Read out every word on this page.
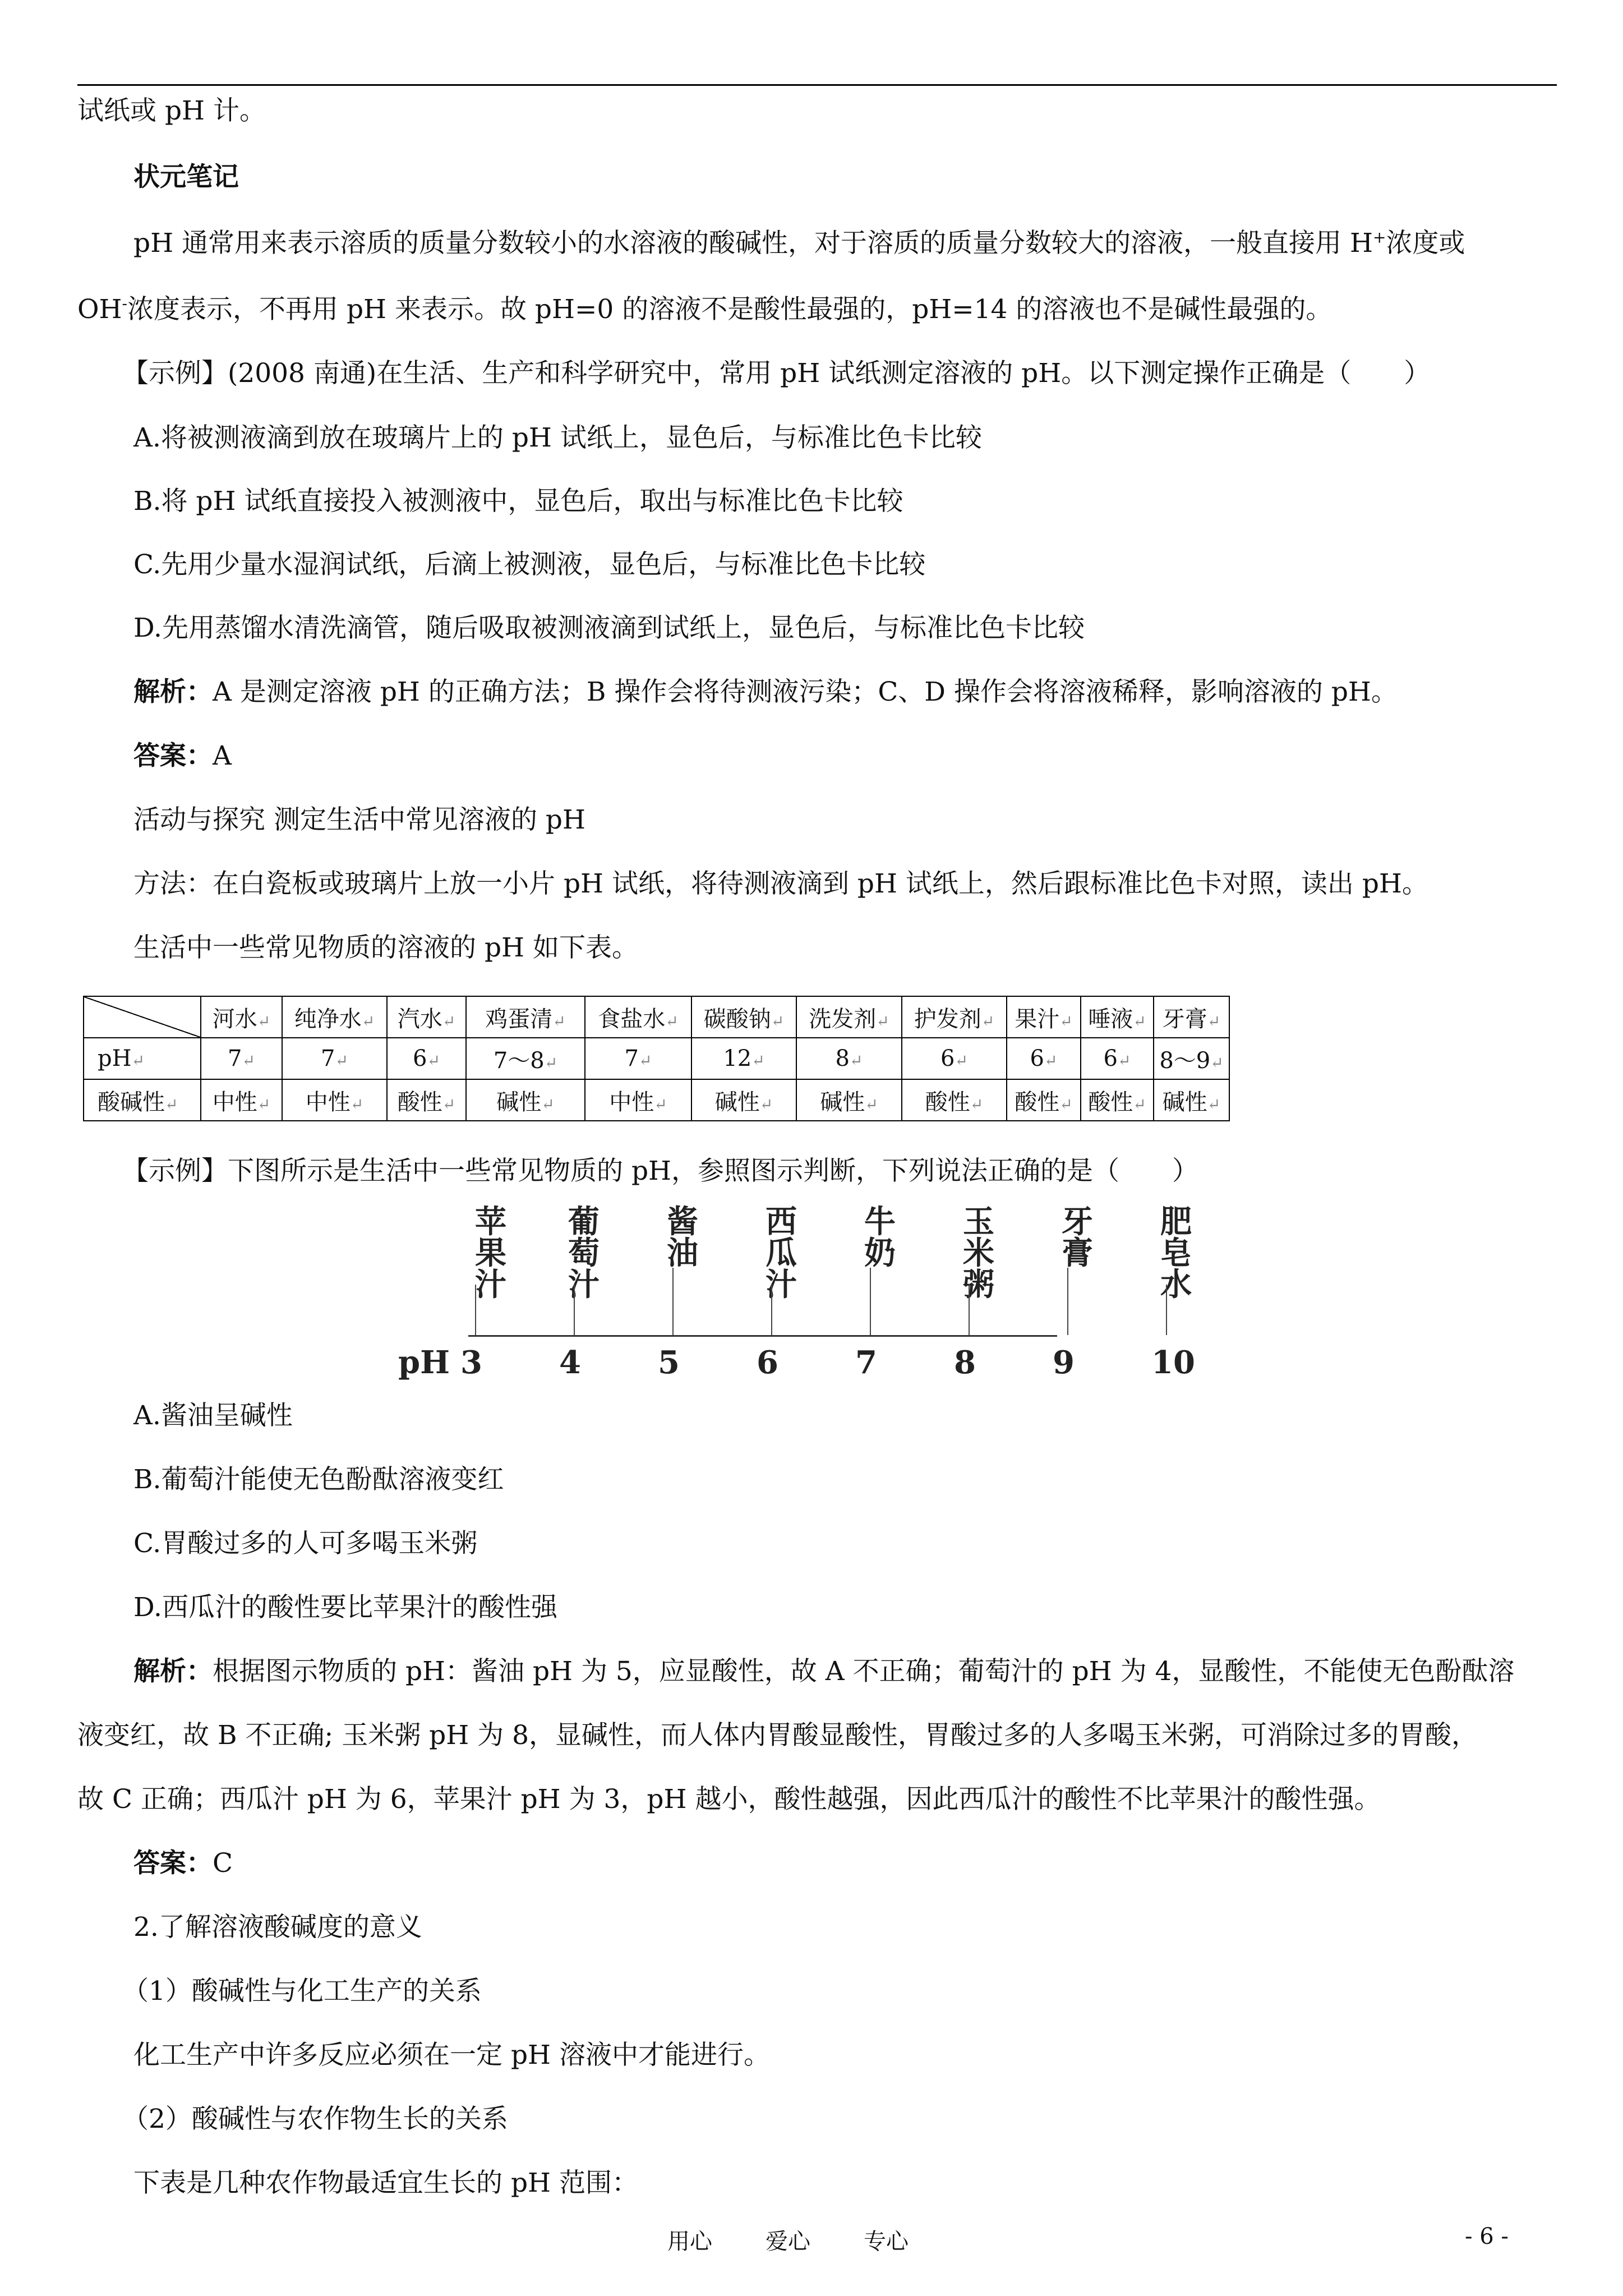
试纸或 pH 计。
状元笔记
pH 通常用来表示溶质的质量分数较小的水溶液的酸碱性，对于溶质的质量分数较大的溶液，一般直接用 H+浓度或
OH-浓度表示，不再用 pH 来表示。故 pH=0 的溶液不是酸性最强的，pH=14 的溶液也不是碱性最强的。
【示例】(2008 南通)在生活、生产和科学研究中，常用 pH 试纸测定溶液的 pH。以下测定操作正确是（　　）
A.将被测液滴到放在玻璃片上的 pH 试纸上，显色后，与标准比色卡比较
B.将 pH 试纸直接投入被测液中，显色后，取出与标准比色卡比较
C.先用少量水湿润试纸，后滴上被测液，显色后，与标准比色卡比较
D.先用蒸馏水清洗滴管，随后吸取被测液滴到试纸上，显色后，与标准比色卡比较
解析：A 是测定溶液 pH 的正确方法；B 操作会将待测液污染；C、D 操作会将溶液稀释，影响溶液的 pH。
答案：A
活动与探究 测定生活中常见溶液的 pH
方法：在白瓷板或玻璃片上放一小片 pH 试纸，将待测液滴到 pH 试纸上，然后跟标准比色卡对照，读出 pH。
生活中一些常见物质的溶液的 pH 如下表。
	河水↵	纯净水↵	汽水↵	鸡蛋清↵	食盐水↵	碳酸钠↵	洗发剂↵	护发剂↵	果汁↵	唾液↵	牙膏↵
pH↵	7↵	7↵	6↵	7～8↵	7↵	12↵	8↵	6↵	6↵	6↵	8～9↵
酸碱性↵	中性↵	中性↵	酸性↵	碱性↵	中性↵	碱性↵	碱性↵	酸性↵	酸性↵	酸性↵	碱性↵
【示例】下图所示是生活中一些常见物质的 pH，参照图示判断，下列说法正确的是（　　）
pH 3 4 5 6 7 8 9 10
苹
果
汁
葡
萄
汁
酱
油
西
瓜
汁
牛
奶
玉
米
粥
牙
膏
肥
皂
水
A.酱油呈碱性
B.葡萄汁能使无色酚酞溶液变红
C.胃酸过多的人可多喝玉米粥
D.西瓜汁的酸性要比苹果汁的酸性强
解析：根据图示物质的 pH：酱油 pH 为 5，应显酸性，故 A 不正确；葡萄汁的 pH 为 4，显酸性，不能使无色酚酞溶
液变红，故 B 不正确; 玉米粥 pH 为 8，显碱性，而人体内胃酸显酸性，胃酸过多的人多喝玉米粥，可消除过多的胃酸，
故 C 正确；西瓜汁 pH 为 6，苹果汁 pH 为 3，pH 越小，酸性越强，因此西瓜汁的酸性不比苹果汁的酸性强。
答案：C
2.了解溶液酸碱度的意义
（1）酸碱性与化工生产的关系
化工生产中许多反应必须在一定 pH 溶液中才能进行。
（2）酸碱性与农作物生长的关系
下表是几种农作物最适宜生长的 pH 范围：
用心 爱心 专心	- 6 -
